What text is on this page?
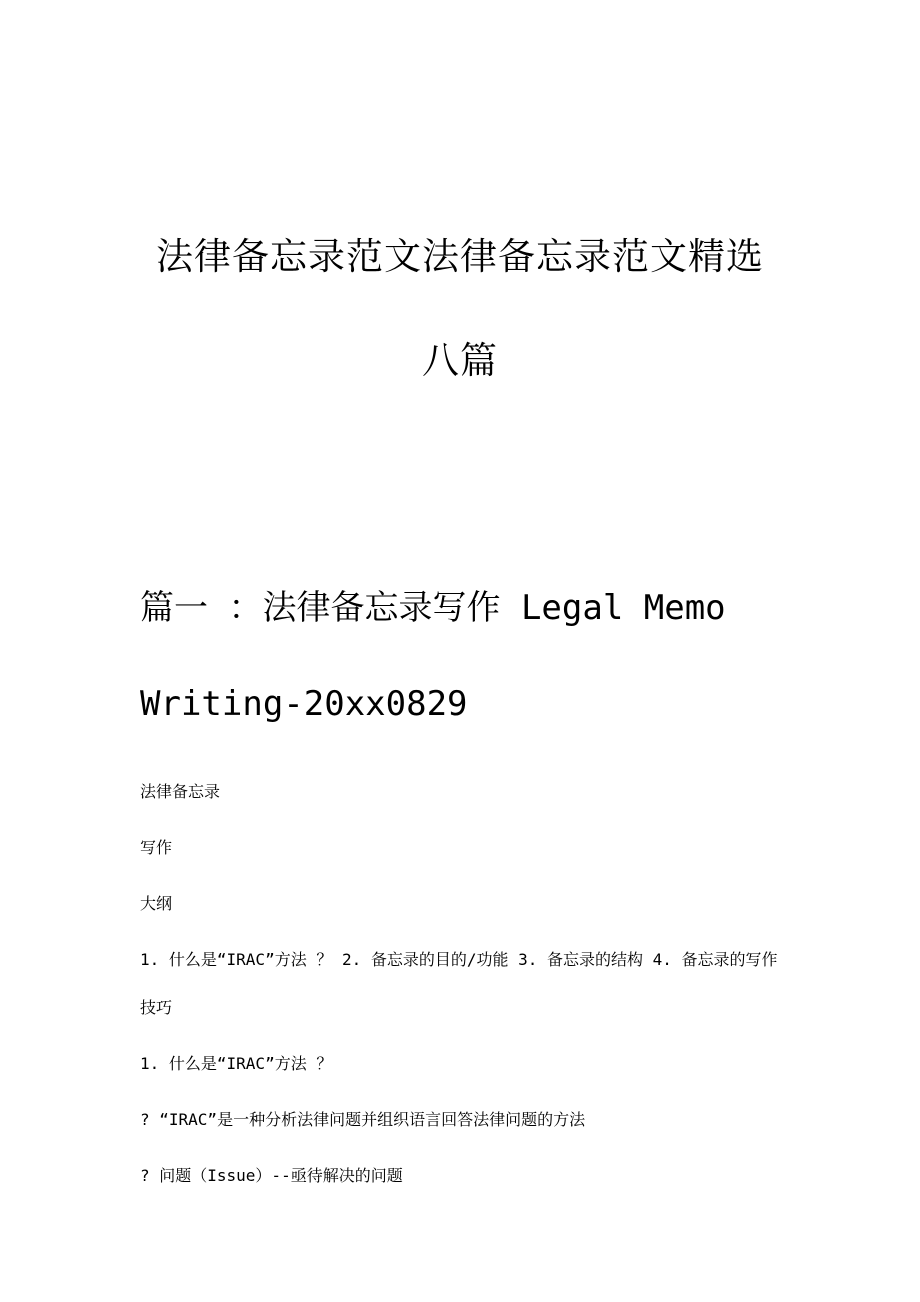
法律备忘录范文法律备忘录范文精选八篇
篇一 ：法律备忘录写作 Legal Memo Writing-20xx0829
法律备忘录
写作
大纲
1. 什么是“IRAC”方法 ？ 2. 备忘录的目的/功能 3. 备忘录的结构 4. 备忘录的写作技巧
1. 什么是“IRAC”方法 ？
? “IRAC”是一种分析法律问题并组织语言回答法律问题的方法
? 问题（Issue）--亟待解决的问题
